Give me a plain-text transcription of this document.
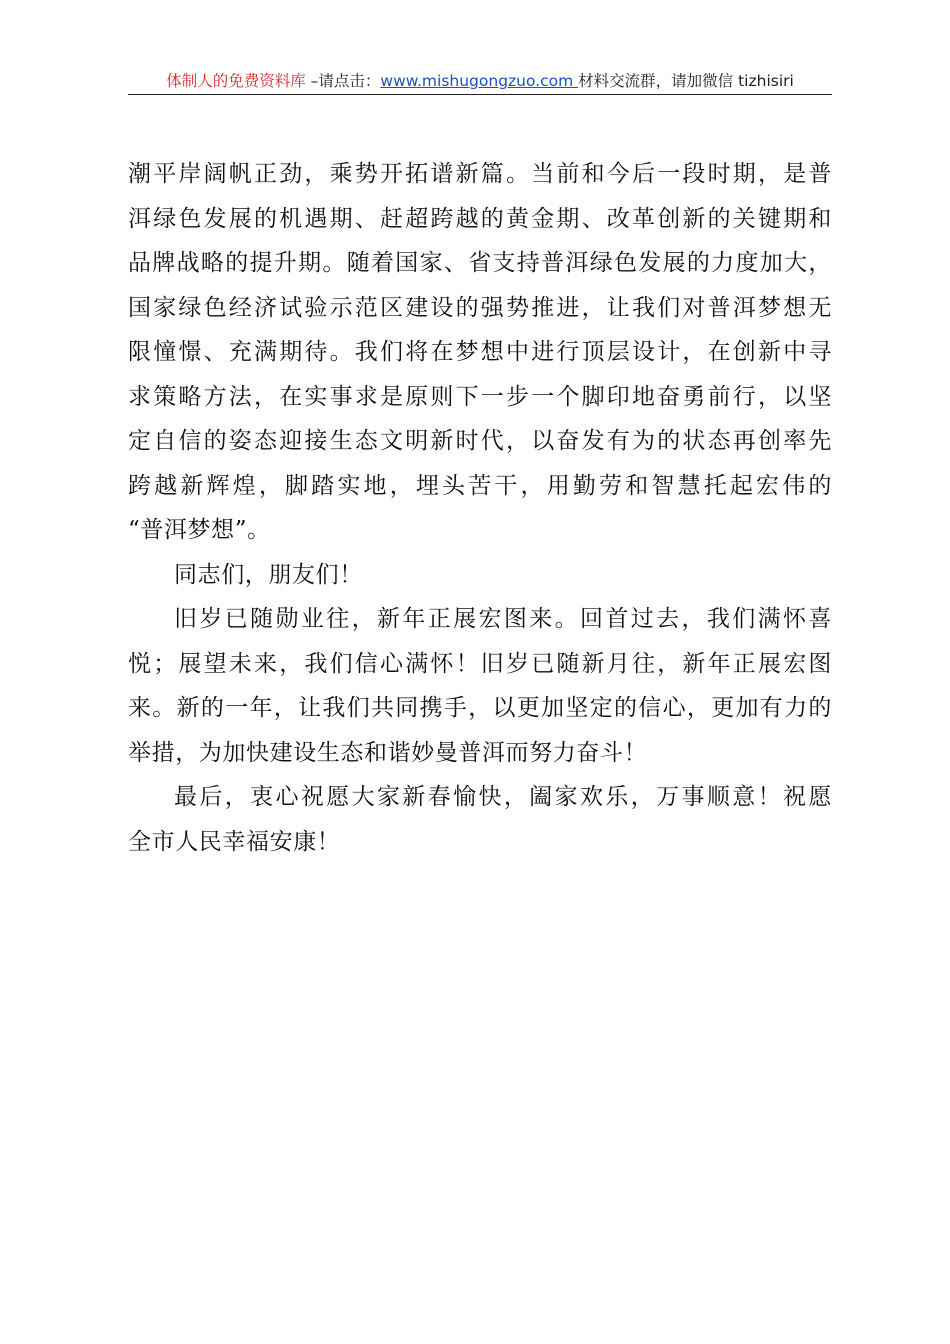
体制人的免费资料库 –请点击：www.mishugongzuo.com 材料交流群，请加微信 tizhisiri
潮平岸阔帆正劲，乘势开拓谱新篇。当前和今后一段时期，是普
洱绿色发展的机遇期、赶超跨越的黄金期、改革创新的关键期和
品牌战略的提升期。随着国家、省支持普洱绿色发展的力度加大，
国家绿色经济试验示范区建设的强势推进，让我们对普洱梦想无
限憧憬、充满期待。我们将在梦想中进行顶层设计，在创新中寻
求策略方法，在实事求是原则下一步一个脚印地奋勇前行，以坚
定自信的姿态迎接生态文明新时代，以奋发有为的状态再创率先
跨越新辉煌，脚踏实地，埋头苦干，用勤劳和智慧托起宏伟的
“普洱梦想”。
同志们，朋友们！
旧岁已随勋业往，新年正展宏图来。回首过去，我们满怀喜
悦；展望未来，我们信心满怀！旧岁已随新月往，新年正展宏图
来。新的一年，让我们共同携手，以更加坚定的信心，更加有力的
举措，为加快建设生态和谐妙曼普洱而努力奋斗！
最后，衷心祝愿大家新春愉快，阖家欢乐，万事顺意！祝愿
全市人民幸福安康！
